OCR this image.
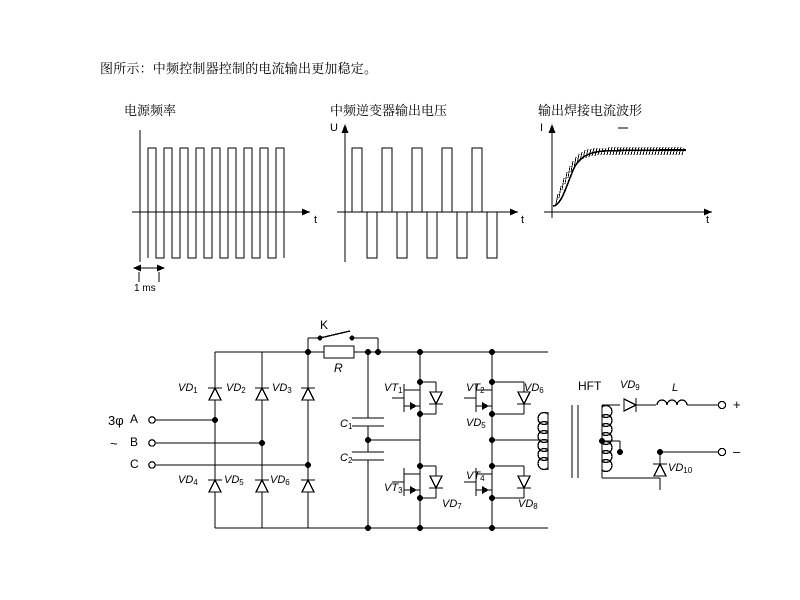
图所示：中频控制器控制的电流输出更加稳定。
电源频率	中频逆变器输出电压	输出焊接电流波形
t
U
t
I
t
1 ms
3φ
~
A
B
C
$VD_1$	$VD_2$ $VD_3$
$VD_4$ $VD_5$ $VD_6$
K
R
$C_1$
$C_2$
$VT_1$	$VT_2$
$VT_3$
$VT_4$
$VD_5$
$VD_6$
$VD_7$	$VD_8$
HFT $VD_9$
$VD_{10}$
L
+
–
